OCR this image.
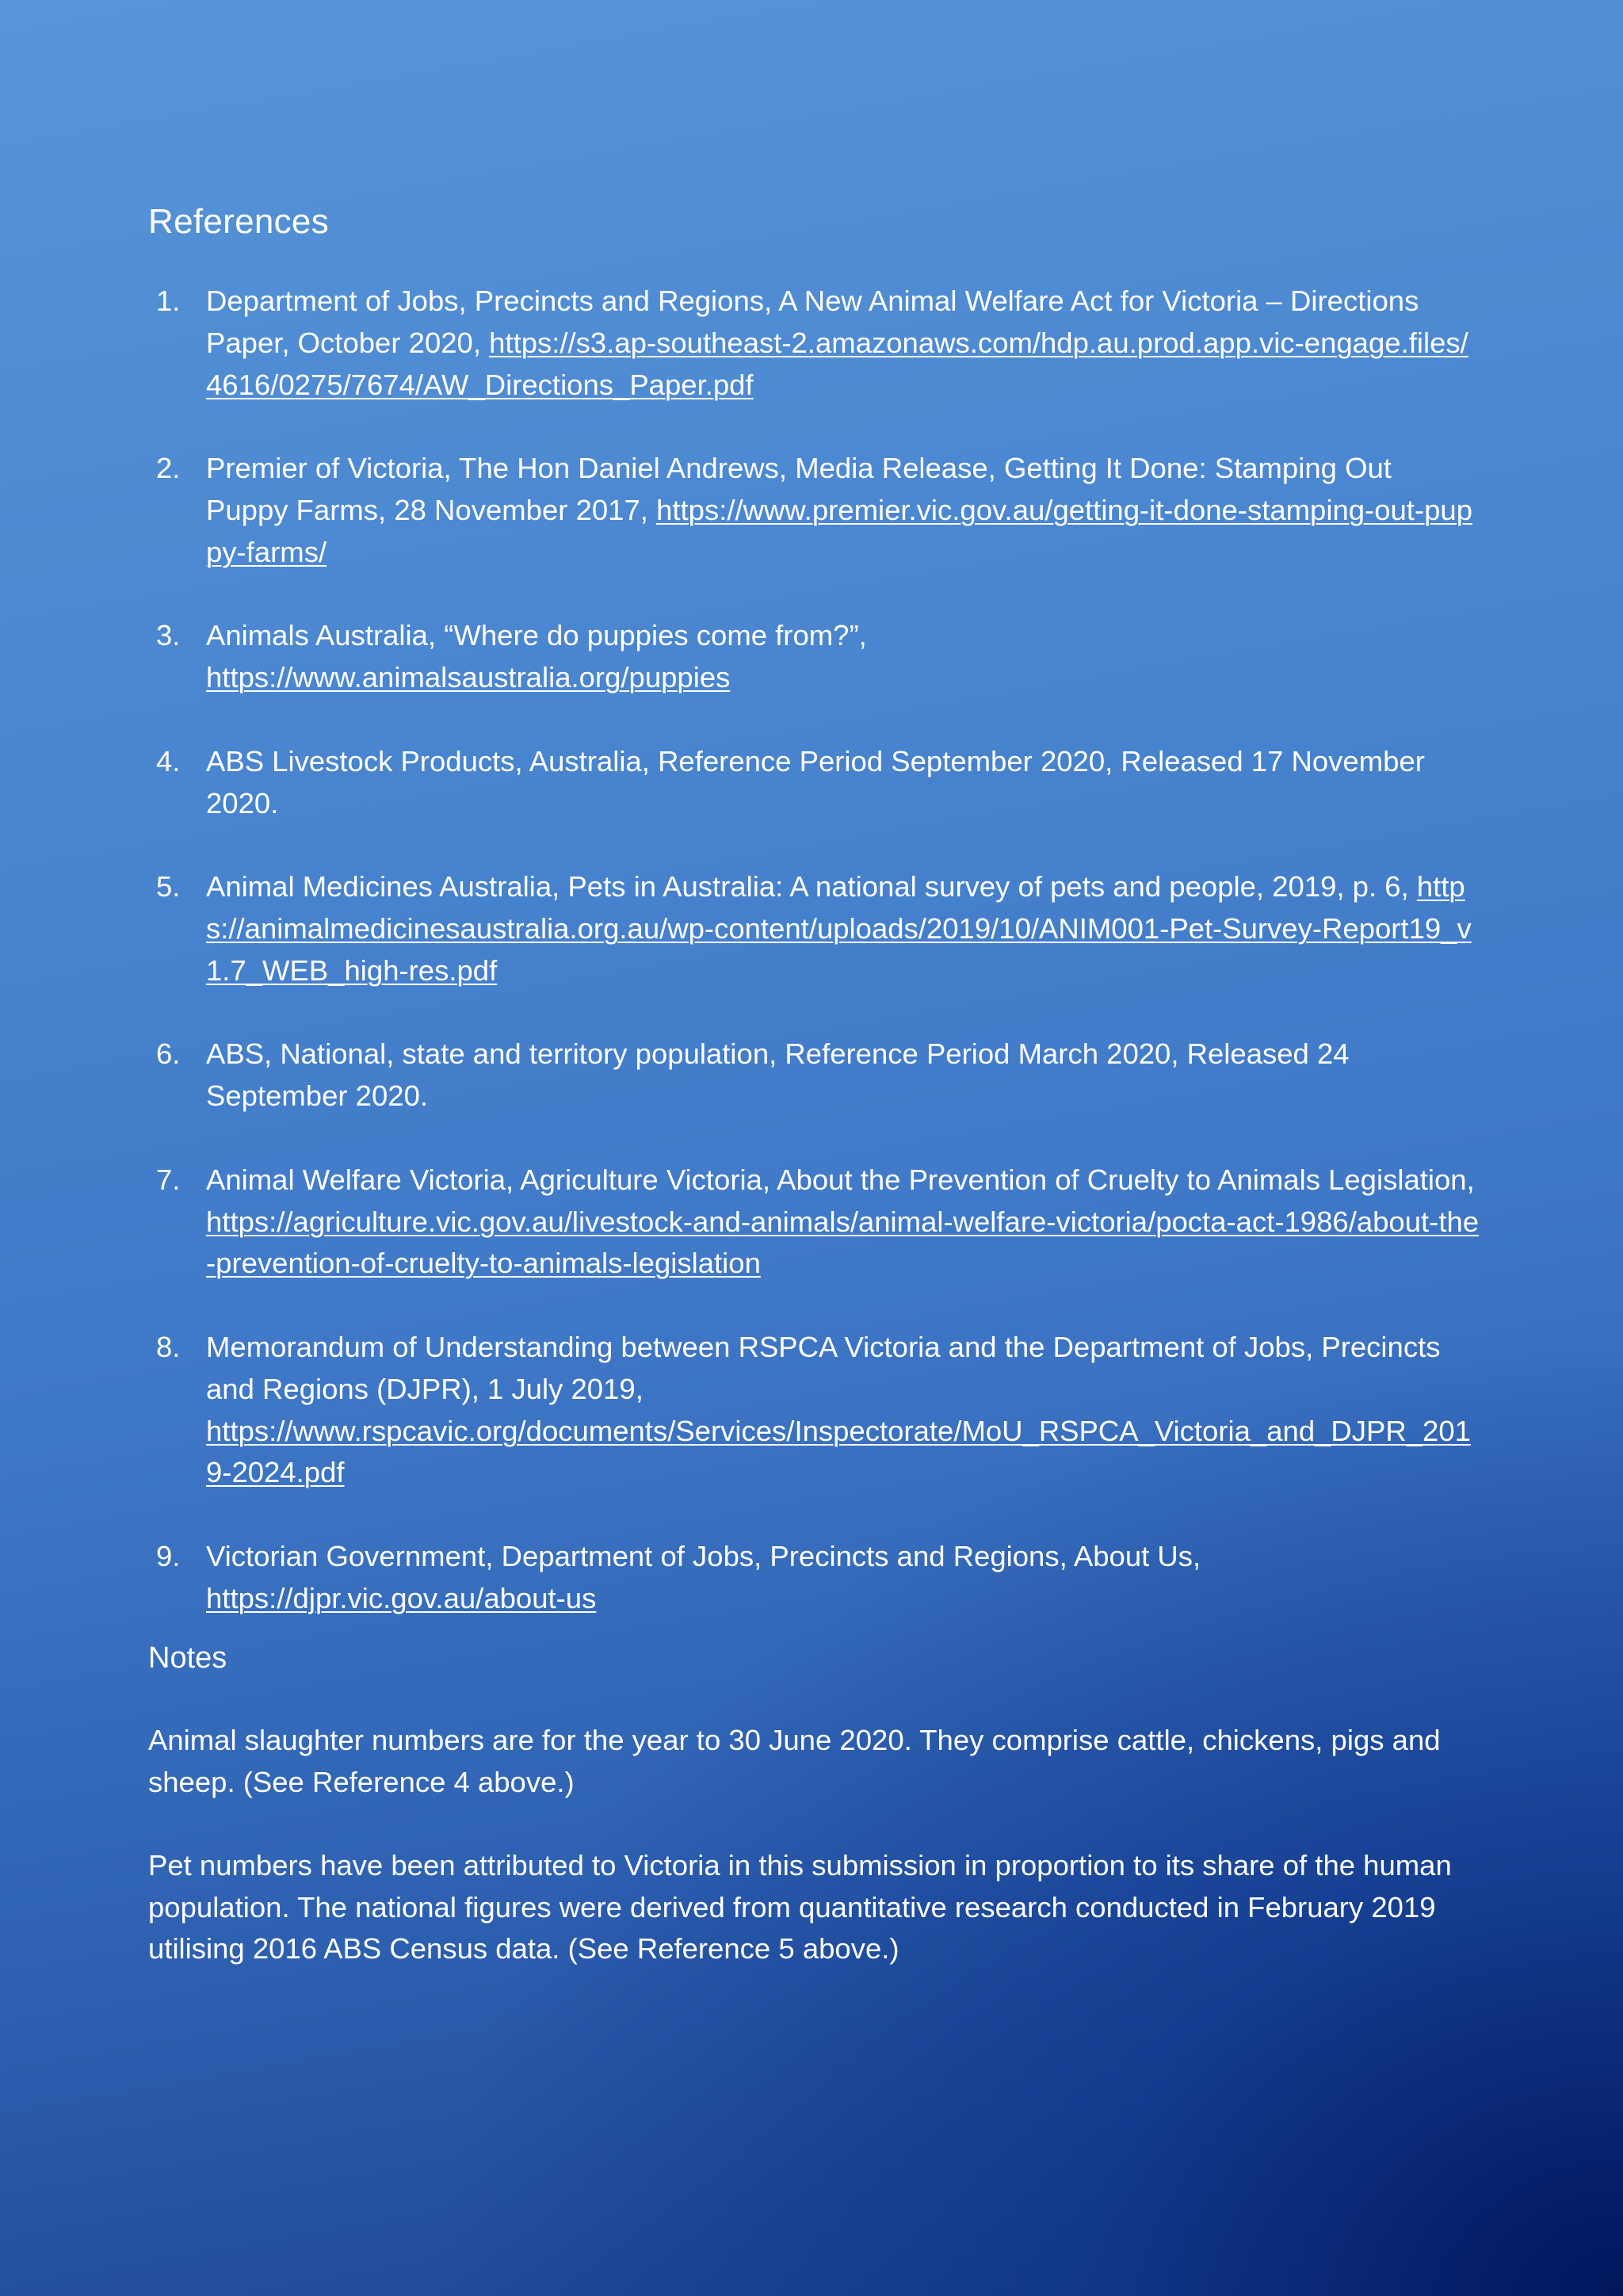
References
1. Department of Jobs, Precincts and Regions, A New Animal Welfare Act for Victoria – Directions Paper, October 2020, https://s3.ap-southeast-2.amazonaws.com/hdp.au.prod.app.vic-engage.files/4616/0275/7674/AW_Directions_Paper.pdf
2. Premier of Victoria, The Hon Daniel Andrews, Media Release, Getting It Done: Stamping Out Puppy Farms, 28 November 2017, https://www.premier.vic.gov.au/getting-it-done-stamping-out-puppy-farms/
3. Animals Australia, “Where do puppies come from?”,
https://www.animalsaustralia.org/puppies
4. ABS Livestock Products, Australia, Reference Period September 2020, Released 17 November 2020.
5. Animal Medicines Australia, Pets in Australia: A national survey of pets and people, 2019, p. 6, https://animalmedicinesaustralia.org.au/wp-content/uploads/2019/10/ANIM001-Pet-Survey-Report19_v1.7_WEB_high-res.pdf
6. ABS, National, state and territory population, Reference Period March 2020, Released 24 September 2020.
7. Animal Welfare Victoria, Agriculture Victoria, About the Prevention of Cruelty to Animals Legislation, https://agriculture.vic.gov.au/livestock-and-animals/animal-welfare-victoria/pocta-act-1986/about-the-prevention-of-cruelty-to-animals-legislation
8. Memorandum of Understanding between RSPCA Victoria and the Department of Jobs, Precincts and Regions (DJPR), 1 July 2019,
https://www.rspcavic.org/documents/Services/Inspectorate/MoU_RSPCA_Victoria_and_DJPR_2019-2024.pdf
9. Victorian Government, Department of Jobs, Precincts and Regions, About Us,
https://djpr.vic.gov.au/about-us
Notes

Animal slaughter numbers are for the year to 30 June 2020. They comprise cattle, chickens, pigs and sheep. (See Reference 4 above.)

Pet numbers have been attributed to Victoria in this submission in proportion to its share of the human population. The national figures were derived from quantitative research conducted in February 2019 utilising 2016 ABS Census data. (See Reference 5 above.)
